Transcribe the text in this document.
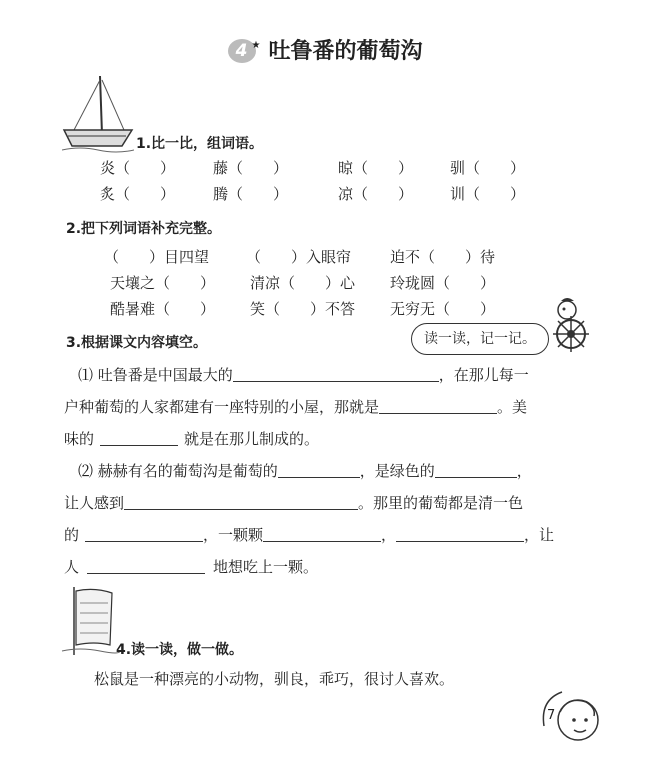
4 ★ 吐鲁番的葡萄沟
1.比一比，组词语。
炎（　　）	藤（　　）	晾（　　） 驯（　　）
炙（　　）	腾（　　）	凉（　　） 训（　　）
2.把下列词语补充完整。
（　　）目四望 （　　）入眼帘	迫不（　　）待
天壤之（　　） 清凉（　　）心 玲珑圆（　　）
酷暑难（　　） 笑（　　）不答 无穷无（　　）
读一读，记一记。
3.根据课文内容填空。
⑴ 吐鲁番是中国最大的	，在那儿每一
户种葡萄的人家都建有一座特别的小屋，那就是	。美
味的	就是在那儿制成的。
⑵ 赫赫有名的葡萄沟是葡萄的	，是绿色的	，
让人感到	。那里的葡萄都是清一色
的	，一颗颗	，	，让
人	地想吃上一颗。
4.读一读，做一做。
松鼠是一种漂亮的小动物，驯良，乖巧，很讨人喜欢。
7
